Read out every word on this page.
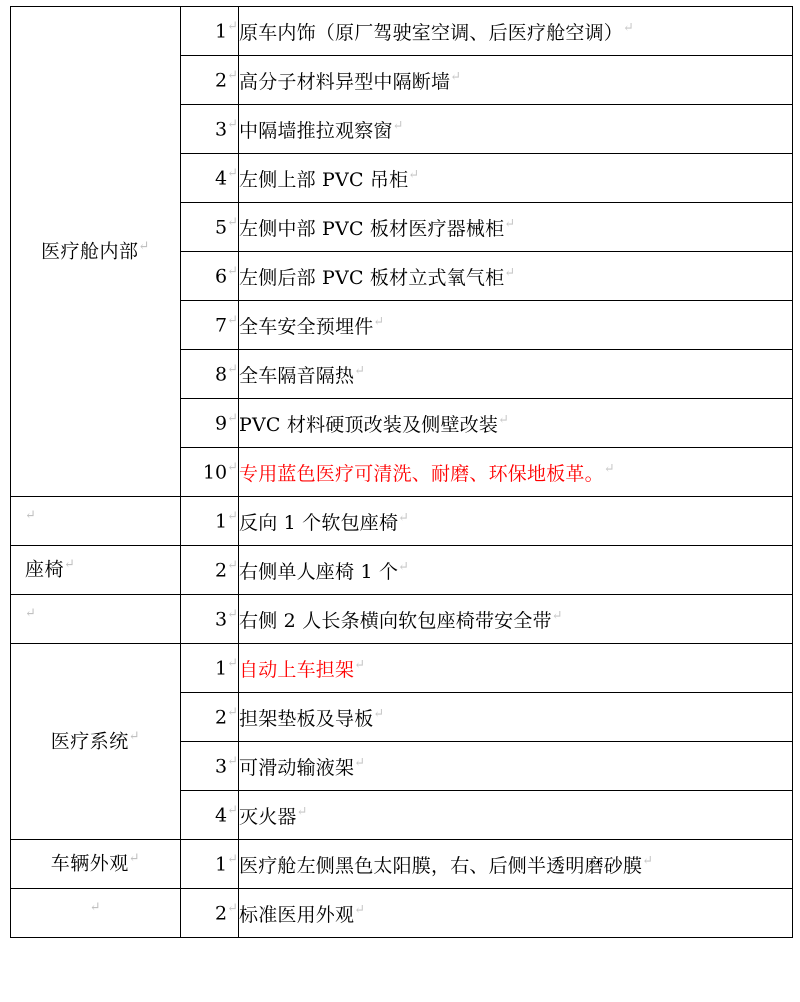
医疗舱内部↵	1↵	原车内饰（原厂驾驶室空调、后医疗舱空调）↵
	2↵	高分子材料异型中隔断墙↵
	3↵	中隔墙推拉观察窗↵
	4↵	左侧上部 PVC 吊柜↵
	5↵	左侧中部 PVC 板材医疗器械柜↵
	6↵	左侧后部 PVC 板材立式氧气柜↵
	7↵	全车安全预埋件↵
	8↵	全车隔音隔热↵
	9↵	PVC 材料硬顶改装及侧壁改装↵
	10↵	专用蓝色医疗可清洗、耐磨、环保地板革。↵
↵	1↵	反向 1 个软包座椅↵
座椅↵	2↵	右侧单人座椅 1 个↵
↵	3↵	右侧 2 人长条横向软包座椅带安全带↵
医疗系统↵	1↵	自动上车担架↵
	2↵	担架垫板及导板↵
	3↵	可滑动输液架↵
	4↵	灭火器↵
车辆外观↵	1↵	医疗舱左侧黑色太阳膜，右、后侧半透明磨砂膜↵
↵	2↵	标准医用外观↵
